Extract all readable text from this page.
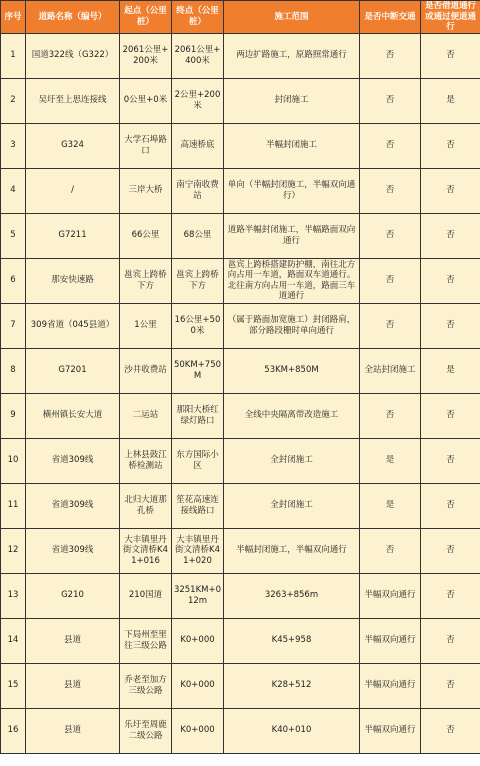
序号	道路名称（编号）	起点（公里桩）	终点（公里桩）	施工范围	是否中断交通	是否借道通行或通过便道通行
1	国道322线（G322）	2061公里+200米	2061公里+400米	两边扩路施工，原路照常通行	否	否
2	吴圩至上思连接线	0公里+0米	2公里+200米	封闭施工	否	是
3	G324	大学石埠路口	高速桥底	半幅封闭施工	否	否
4	/	三岸大桥	南宁南收费站	单向（半幅封闭施工，半幅双向通行）	否	否
5	G7211	66公里	68公里	道路半幅封闭施工，半幅路面双向通行	否	否
6	那安快速路	邕宾上跨桥下方	邕宾上跨桥下方	邕宾上跨桥搭建防护棚，南往北方向占用一车道，路面双车道通行。北往南方向占用一车道，路面三车道通行	否	否
7	309省道（045县道）	1公里	16公里+500米	（属于路面加宽施工）封闭路肩，部分路段栅时单向通行	否	否
8	G7201	沙井收费站	50KM+750M	53KM+850M	全站封闭施工	是
9	横州镇长安大道	二运站	那阳大桥红绿灯路口	全线中央隔离带改造施工	否	否
10	省道309线	上林县鼓江桥检测站	东方国际小区	全封闭施工	是	否
11	省道309线	北归大道那孔桥	笙花高速连接线路口	全封闭施工	是	否
12	省道309线	大丰镇里丹街文清桥K41+016	大丰镇里丹街文清桥K41+020	半幅封闭施工，半幅双向通行	否	否
13	G210	210国道	3251KM+012m	3263+856m	半幅双向通行	否
14	县道	下局州至里往三级公路	K0+000	K45+958	半幅双向通行	否
15	县道	乔老至加方三级公路	K0+000	K28+512	半幅双向通行	否
16	县道	乐圩至周鹿二级公路	K0+000	K40+010	半幅双向通行	否
